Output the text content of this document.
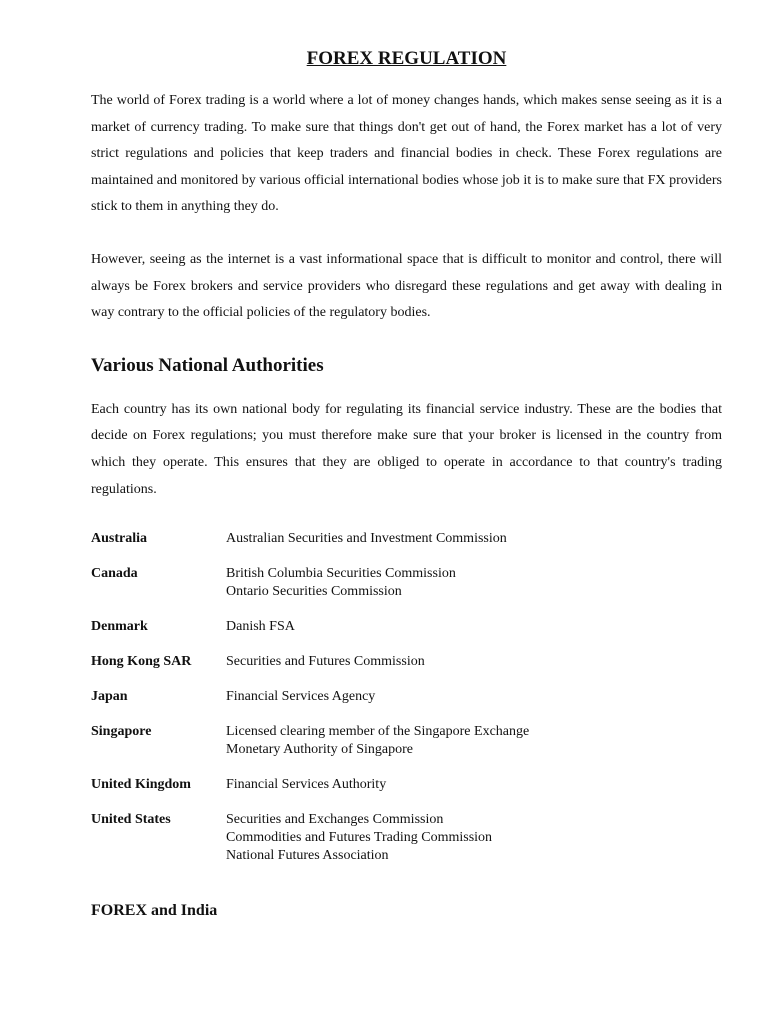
FOREX REGULATION

The world of Forex trading is a world where a lot of money changes hands, which makes sense seeing as it is a market of currency trading. To make sure that things don't get out of hand, the Forex market has a lot of very strict regulations and policies that keep traders and financial bodies in check. These Forex regulations are maintained and monitored by various official international bodies whose job it is to make sure that FX providers stick to them in anything they do.

However, seeing as the internet is a vast informational space that is difficult to monitor and control, there will always be Forex brokers and service providers who disregard these regulations and get away with dealing in way contrary to the official policies of the regulatory bodies.

Various National Authorities

Each country has its own national body for regulating its financial service industry. These are the bodies that decide on Forex regulations; you must therefore make sure that your broker is licensed in the country from which they operate. This ensures that they are obliged to operate in accordance to that country's trading regulations.

Australia	Australian Securities and Investment Commission
Canada	British Columbia Securities Commission
Ontario Securities Commission
Denmark	Danish FSA
Hong Kong SAR	Securities and Futures Commission
Japan	Financial Services Agency
Singapore	Licensed clearing member of the Singapore Exchange
Monetary Authority of Singapore
United Kingdom	Financial Services Authority
United States	Securities and Exchanges Commission
Commodities and Futures Trading Commission
National Futures Association
FOREX and India
